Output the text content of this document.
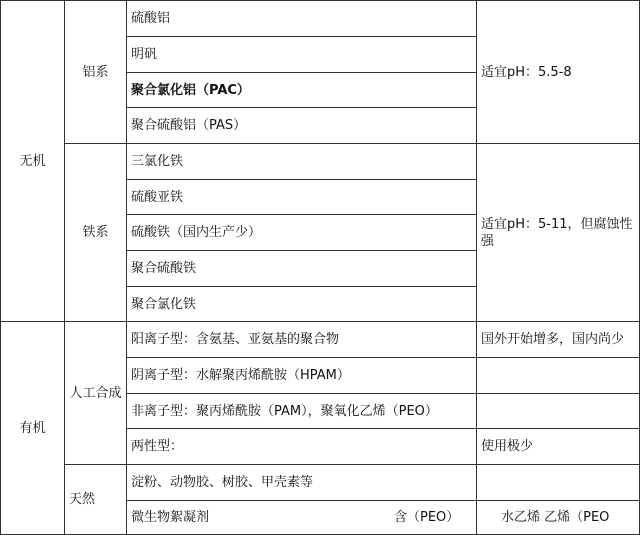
无机
有机
铝系
铁系
人工合成
天然
硫酸铝
明矾
聚合氯化铝（PAC）
聚合硫酸铝（PAS）
三氯化铁
硫酸亚铁
硫酸铁（国内生产少）
聚合硫酸铁
聚合氯化铁
阳离子型：含氨基、亚氨基的聚合物
阴离子型：水解聚丙烯酰胺（HPAM）
非离子型：聚丙烯酰胺（PAM），聚氧化乙烯（PEO）
两性型：
淀粉、动物胶、树胶、甲壳素等
微生物絮凝剂	含（PEO）
适宜pH：5.5-8
适宜pH：5-11，但腐蚀性强
国外开始增多，国内尚少
使用极少
水乙烯 乙烯（PEO
